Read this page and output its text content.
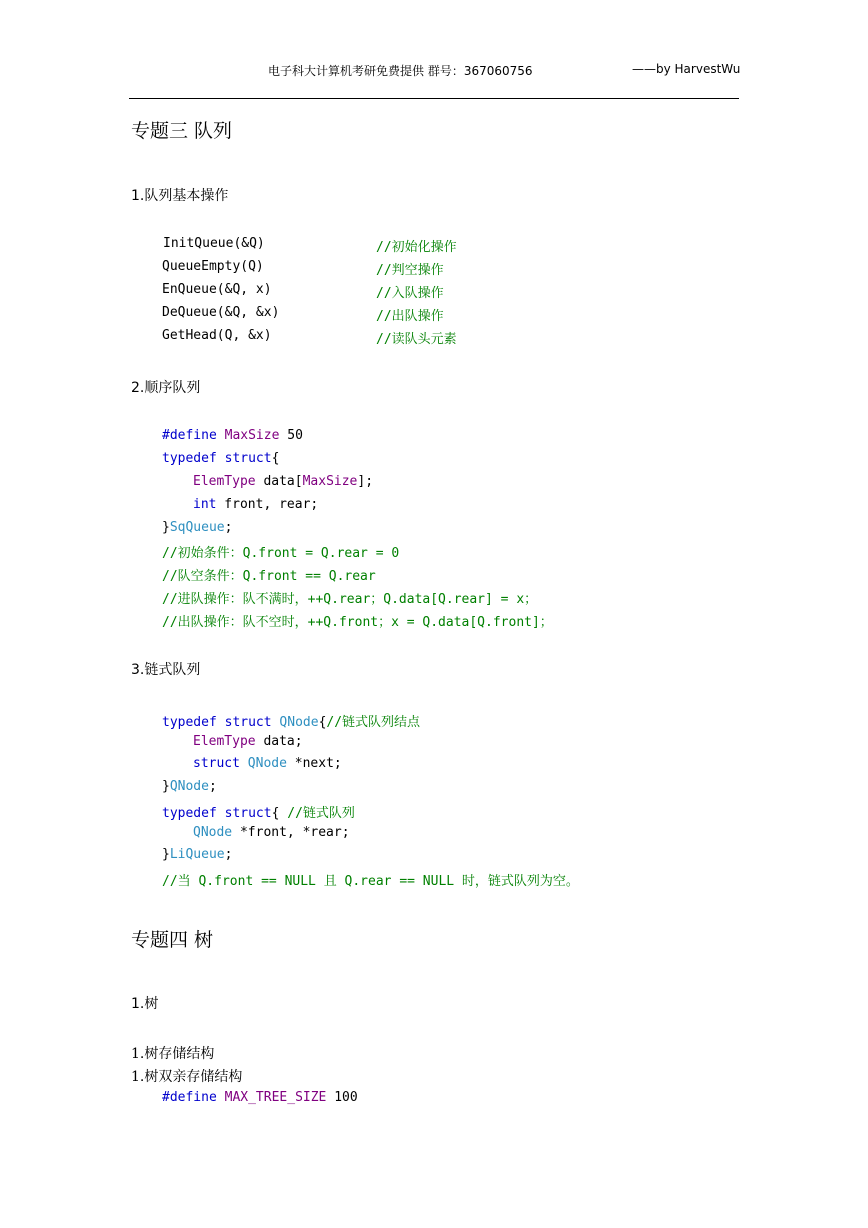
电子科大计算机考研免费提供 群号：367060756	——by HarvestWu
专题三 队列
1.队列基本操作
InitQueue(&Q)	//初始化操作
QueueEmpty(Q)	//判空操作
EnQueue(&Q, x)	//入队操作
DeQueue(&Q, &x)	//出队操作
GetHead(Q, &x)	//读队头元素
2.顺序队列
#define MaxSize 50
typedef struct{
ElemType data[MaxSize];
int front, rear;
}SqQueue;
//初始条件：Q.front = Q.rear = 0
//队空条件：Q.front == Q.rear
//进队操作：队不满时，++Q.rear；Q.data[Q.rear] = x；
//出队操作：队不空时，++Q.front；x = Q.data[Q.front]；
3.链式队列
typedef struct QNode{//链式队列结点
ElemType data;
struct QNode *next;
}QNode;
typedef struct{ //链式队列
QNode *front, *rear;
}LiQueue;
//当 Q.front == NULL 且 Q.rear == NULL 时，链式队列为空。
专题四 树
1.树
1.树存储结构
1.树双亲存储结构
#define MAX_TREE_SIZE 100
